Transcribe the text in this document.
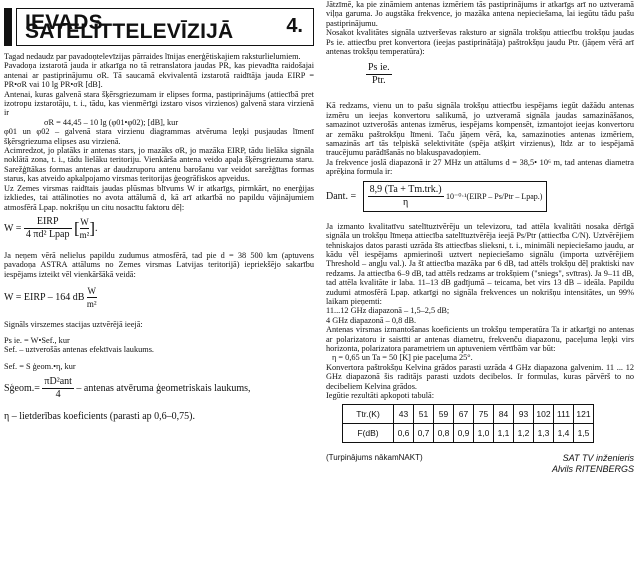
IEVADS SATELĪTTELEVĪZIJĀ	4.

Tagad nedaudz par pavadoņtelevīzijas pārraides līnijas enerģētiskajiem raksturlielumiem.

Pavadoņa izstarotā jauda ir atkarīga no tā retranslatora jaudas PR, kas pievadīta raidošajai antenai ar pastiprinājumu σR. Tā saucamā ekvivalentā izstarotā raidītāja jauda EIRP = PR•σR vai 10 lg PR•σR [dB].

Antenai, kuras galvenā stara šķērsgriezumam ir elipses forma, pastiprinājums (attiecībā pret izotropu izstarotāju, t. i., tādu, kas vienmērīgi izstaro visos virzienos) galvenā stara virzienā ir

σR = 44,45 – 10 lg (φ01•φ02); [dB], kur

φ01 un φ02 – galvenā stara virzienu diagrammas atvēruma leņķi pusjaudas līmenī šķērsgriezuma elipses asu virzienā.

Acimredzot, jo platāks ir antenas stars, jo mazāks σR, jo mazāka EIRP, tādu lielāka signāla noklātā zona, t. i., tādu lielāku teritoriju. Vienkārša antena veido apaļa šķērsgriezuma staru. Sarežģītākas formas antenas ar daudzruporu antenu barošanu var veidot sarežģītas formas starus, kas atveido apkalpojamo virsmas teritorijas ģeogrāfiskos apveidus.

Uz Zemes virsmas raidītais jaudas plūsmas blīvums W ir atkarīgs, pirmkārt, no enerģijas izkliedes, tai attālinoties no avota attālumā d, kā arī atkarībā no papildu vājinājumiem atmosfērā Lpap. nokrišņu un citu nosacītu faktoru dēļ:

$W = \frac{\text{EIRP}}{\text{4 πd² Lpap}}$ [ $\frac{W}{\text{m²}}$].

Ja neņem vērā nelielus papildu zudumus atmosfērā, tad pie d = 38 500 km (aptuvens pavadoņa ASTRA attālums no Zemes virsmas Latvijas teritorijā) iepriekšējo sakarību iespējams izteikt vēl vienkāršākā veidā:

W = EIRP – 164 dB $\frac{W}{\text{m²}}$

Signāls virszemes stacijas uztvērējā ieejā:

Ps ie. = W•Sef., kur

Sef. – uztverošās antenas efektīvais laukums.

Sef. = S ģeom.•η, kur

Sģeom.= $\frac{\text{πD²ant}}{4}$ – antenas atvēruma ģeometriskais laukums,

η – lietderības koeficients (parasti ap 0,6–0,75).

Jātzīmē, ka pie zināmiem antenas izmēriem tās pastiprinājums ir atkarīgs arī no uztveramā viļņa garuma. Jo augstāka frekvence, jo mazāka antena nepieciešama, lai iegūtu tādu pašu pastiprinājumu.

Nosakot kvalitātes signāla uztverševas raksturo ar signāla trokšņu attiecību trokšņu jaudas Ps ie. attiecību pret konvertora (ieejas pastiprinātāja) paštrokšņu jaudu Ptr. (jāņem vērā arī antenas trokšņu temperatūra):

$\frac{\text{Ps ie.}}{\text{Ptr.}}$

Kā redzams, vienu un to pašu signāla trokšņu attiecību iespējams iegūt dažādu antenas izmēru un ieejas konvertoru salikumā, jo uztveramā signāla jaudas samazināšanos, samazinot uztverošās antenas izmērus, iespējams kompensēt, izmantojot ieejas konvertoru ar zemāku paštrokšņu līmeni. Taču jāņem vērā, ka, samazinoties antenas izmēriem, samazinās arī tās telpiskā selektivitāte (spēja atšķirt virzienus), līdz ar to iespējamā traucējumu parādīšanās no blakuspavadoņiem.

Ja frekvence joslā diapazonā ir 27 MHz un attālums d = 38,5• 10⁶ m, tad antenas diametra aprēķina formula ir:

Dant. = $\frac{\text{8,9 (Ta + Tm.trk.)}}{\eta}$ 10⁻⁰·¹(EIRP – Ps/Ptr – Lpap.)

Ja izmanto kvalitatīvu satelītuztvērēju un televizoru, tad attēla kvalitāti nosaka dērīgā signāla un trokšņu līmeņa attiecība satelītuztvērēja ieejā Ps/Ptr (attiecība C/N). Uztvērējiem tehniskajos datos parasti uzrāda šīs attiecības slieksni, t. i., minimāli nepieciešamo jaudu, ar kādu vēl iespējams apmierinoši uztvert nepieciešamo signālu (importa uztvērējiem Threshold – angļu val.). Ja šī attiecība mazāka par 6 dB, tad attēls trokšņu dēļ praktiski nav redzams. Ja attiecība 6–9 dB, tad attēls redzams ar trokšņiem ("sniegs", svītras). Ja 9–11 dB, tad attēla kvalitāte ir laba. 11–13 dB gadījumā – teicama, bet virs 13 dB – ideāla. Papildu zudumi atmosfērā Lpap. atkarīgi no signāla frekvences un nokrišņu intensitātes, un 99% laikam pieņemti:

11...12 GHz diapazonā – 1,5–2,5 dB;

4 GHz diapazonā – 0,8 dB.

Antenas virsmas izmantošanas koeficients un trokšņu temperatūra Ta ir atkarīgi no antenas ar polarizatoru ir saistīti ar antenas diametru, frekvenču diapazonu, paceļuma leņķi virs horizonta, polarizatora parametriem un aptuveniem vērtībām var būt:

η = 0,65 un Ta = 50 [K] pie paceļuma 25°.

Konvertora paštrokšņu Kelvina grādos parasti uzrāda 4 GHz diapazona galvenim. 11 ... 12 GHz diapazonā šis raditājs parasti uzdots decibelos. Ir formulas, kuras pārvērš to no decibeliem Kelvina grādos.

Iegūtie rezultāti apkopoti tabulā:

Ttr.(K)	43	51	59	67	75	84	93	102	111	121
F(dB)	0,6	0,7	0,8	0,9	1,0	1,1	1,2	1,3	1,4	1,5

(Turpinājums nākamNAKT)	SAT TV inženieris

Alvils RITENBERGS
